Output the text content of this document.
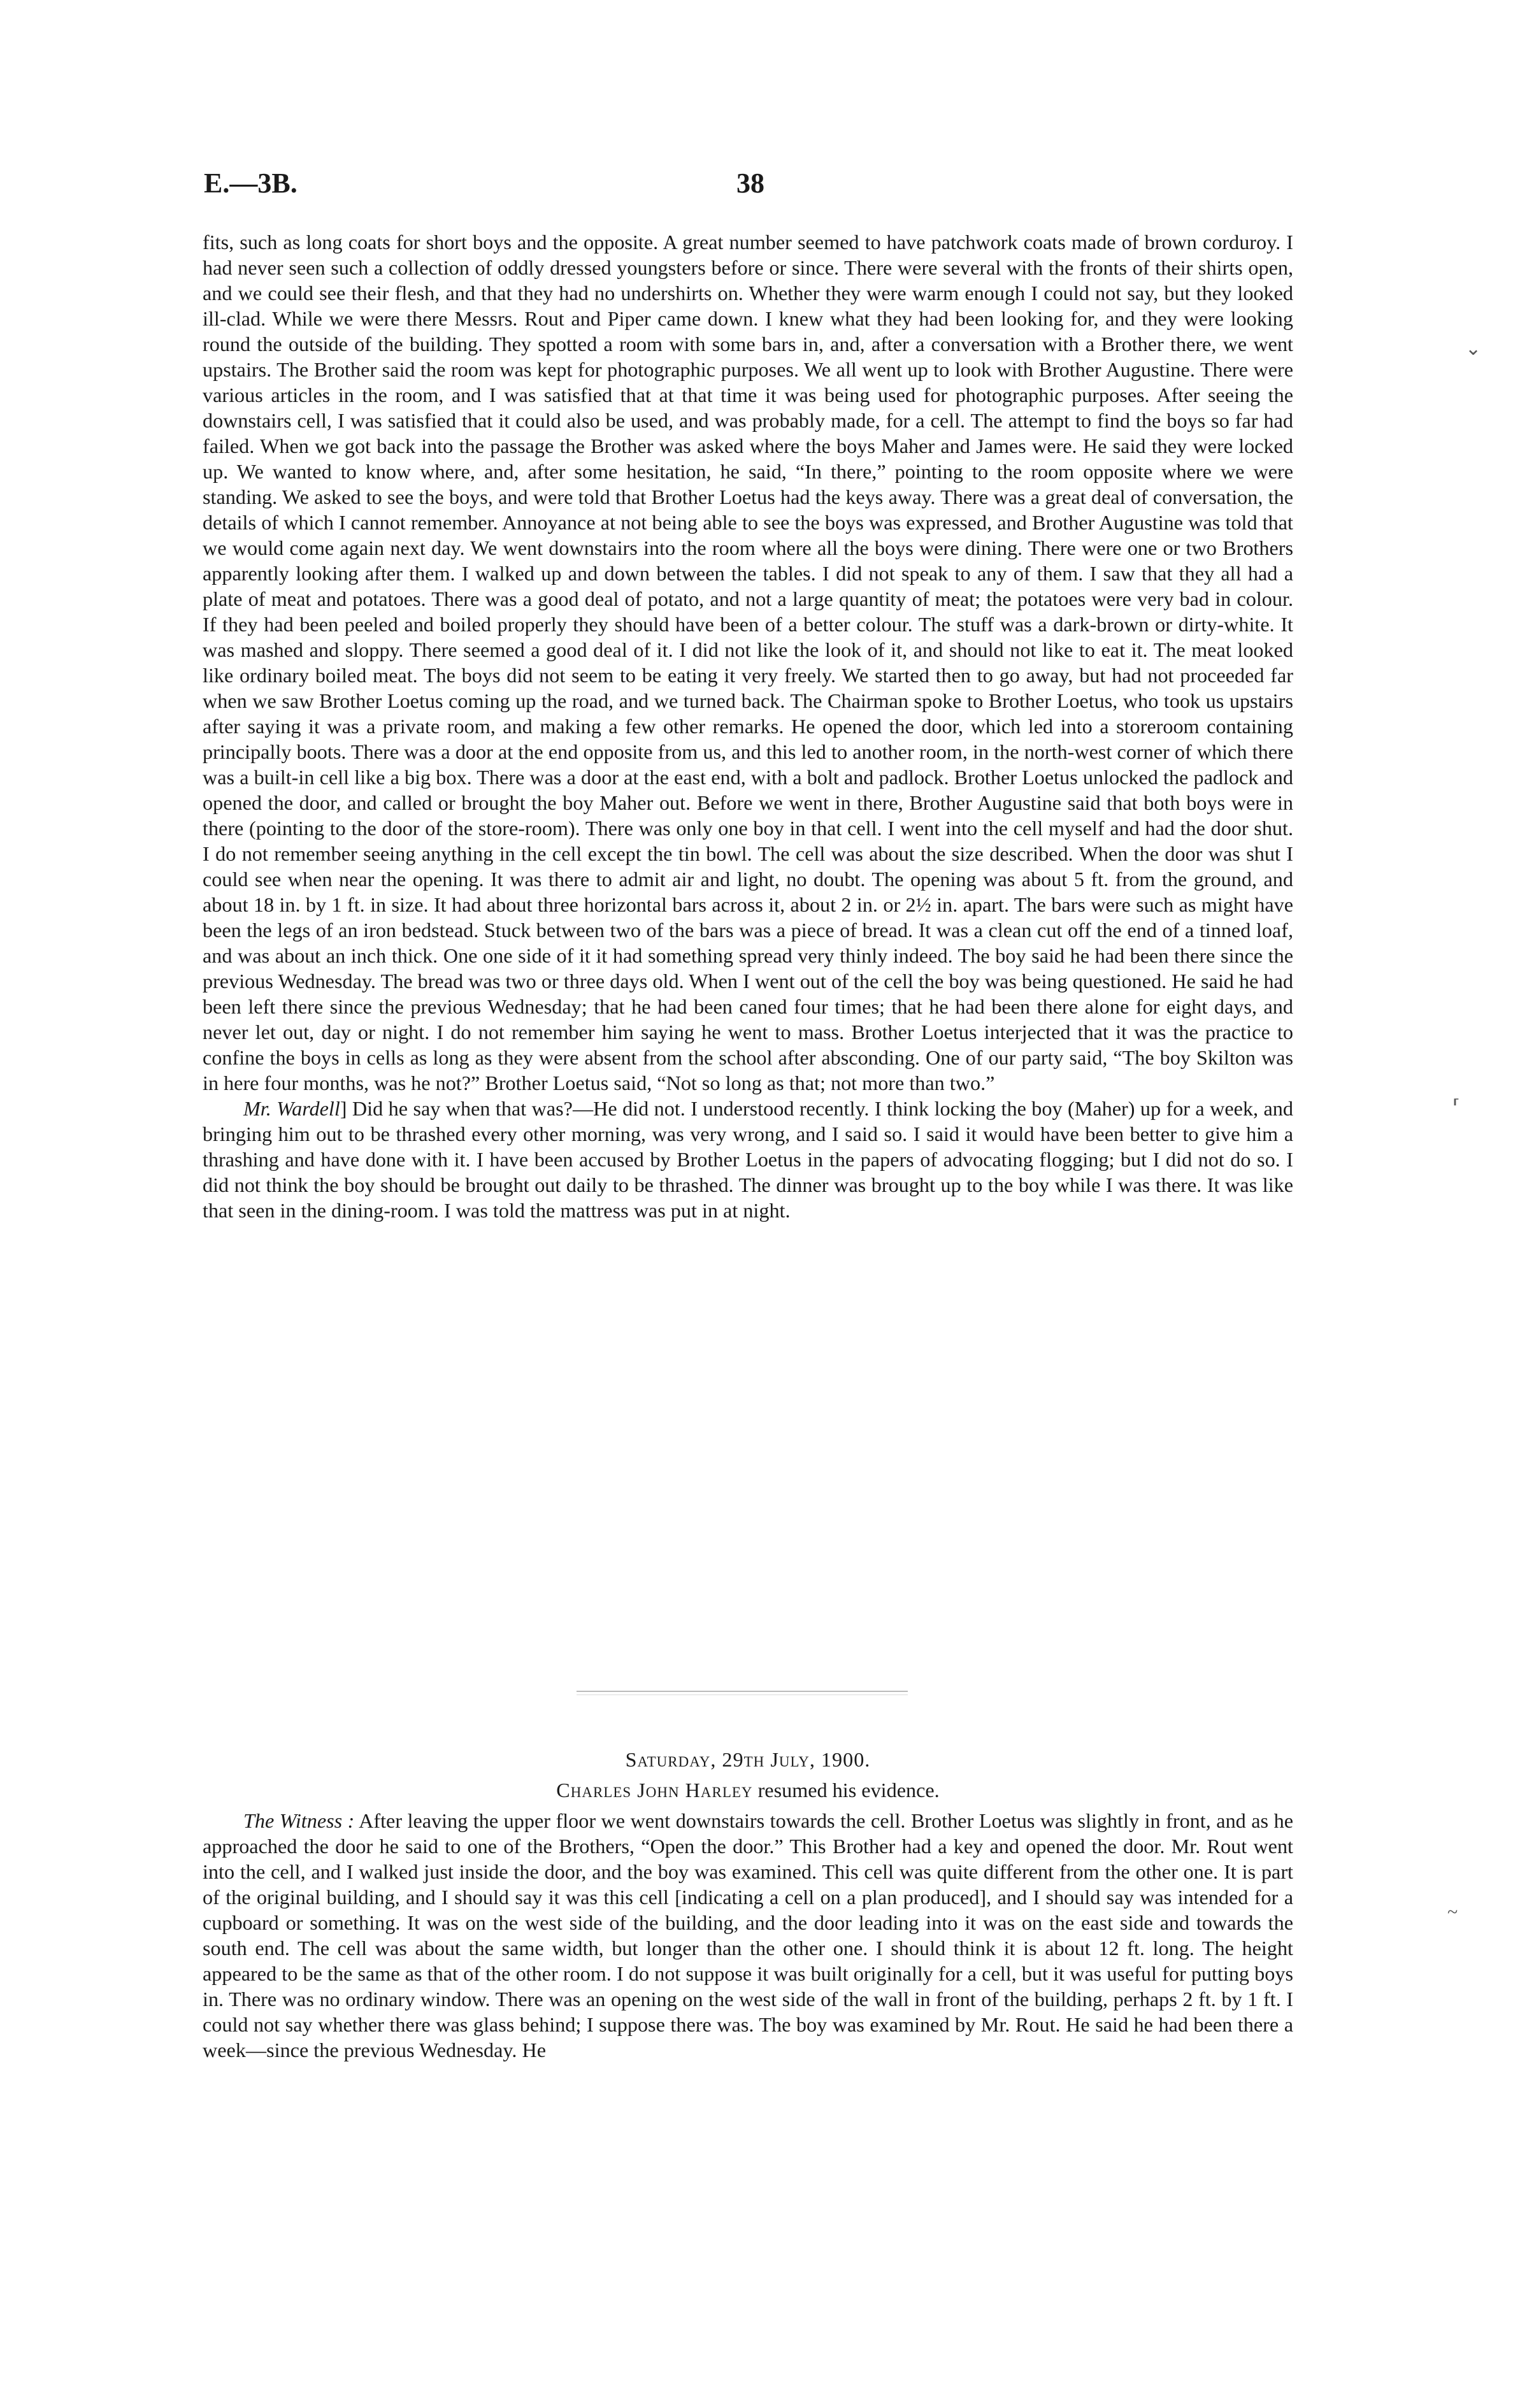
E.—3B.	38

fits, such as long coats for short boys and the opposite. A great number seemed to have patchwork coats made of brown corduroy. I had never seen such a collection of oddly dressed youngsters before or since. There were several with the fronts of their shirts open, and we could see their flesh, and that they had no undershirts on. Whether they were warm enough I could not say, but they looked ill-clad. While we were there Messrs. Rout and Piper came down. I knew what they had been looking for, and they were looking round the outside of the building. They spotted a room with some bars in, and, after a conversation with a Brother there, we went upstairs. The Brother said the room was kept for photographic purposes. We all went up to look with Brother Augustine. There were various articles in the room, and I was satisfied that at that time it was being used for photographic purposes. After seeing the downstairs cell, I was satisfied that it could also be used, and was probably made, for a cell. The attempt to find the boys so far had failed. When we got back into the passage the Brother was asked where the boys Maher and James were. He said they were locked up. We wanted to know where, and, after some hesitation, he said, “In there,” pointing to the room opposite where we were standing. We asked to see the boys, and were told that Brother Loetus had the keys away. There was a great deal of conversation, the details of which I cannot remember. Annoyance at not being able to see the boys was expressed, and Brother Augustine was told that we would come again next day. We went downstairs into the room where all the boys were dining. There were one or two Brothers apparently looking after them. I walked up and down between the tables. I did not speak to any of them. I saw that they all had a plate of meat and potatoes. There was a good deal of potato, and not a large quantity of meat; the potatoes were very bad in colour. If they had been peeled and boiled properly they should have been of a better colour. The stuff was a dark-brown or dirty-white. It was mashed and sloppy. There seemed a good deal of it. I did not like the look of it, and should not like to eat it. The meat looked like ordinary boiled meat. The boys did not seem to be eating it very freely. We started then to go away, but had not proceeded far when we saw Brother Loetus coming up the road, and we turned back. The Chairman spoke to Brother Loetus, who took us upstairs after saying it was a private room, and making a few other remarks. He opened the door, which led into a storeroom containing principally boots. There was a door at the end opposite from us, and this led to another room, in the north-west corner of which there was a built-in cell like a big box. There was a door at the east end, with a bolt and padlock. Brother Loetus unlocked the padlock and opened the door, and called or brought the boy Maher out. Before we went in there, Brother Augustine said that both boys were in there (pointing to the door of the store-room). There was only one boy in that cell. I went into the cell myself and had the door shut. I do not remember seeing anything in the cell except the tin bowl. The cell was about the size described. When the door was shut I could see when near the opening. It was there to admit air and light, no doubt. The opening was about 5 ft. from the ground, and about 18 in. by 1 ft. in size. It had about three horizontal bars across it, about 2 in. or 2½ in. apart. The bars were such as might have been the legs of an iron bedstead. Stuck between two of the bars was a piece of bread. It was a clean cut off the end of a tinned loaf, and was about an inch thick. One one side of it it had something spread very thinly indeed. The boy said he had been there since the previous Wednesday. The bread was two or three days old. When I went out of the cell the boy was being questioned. He said he had been left there since the previous Wednesday; that he had been caned four times; that he had been there alone for eight days, and never let out, day or night. I do not remember him saying he went to mass. Brother Loetus interjected that it was the practice to confine the boys in cells as long as they were absent from the school after absconding. One of our party said, “The boy Skilton was in here four months, was he not?” Brother Loetus said, “Not so long as that; not more than two.”

Mr. Wardell] Did he say when that was?—He did not. I understood recently. I think locking the boy (Maher) up for a week, and bringing him out to be thrashed every other morning, was very wrong, and I said so. I said it would have been better to give him a thrashing and have done with it. I have been accused by Brother Loetus in the papers of advocating flogging; but I did not do so. I did not think the boy should be brought out daily to be thrashed. The dinner was brought up to the boy while I was there. It was like that seen in the dining-room. I was told the mattress was put in at night.

Saturday, 29th July, 1900.
Charles John Harley resumed his evidence.

The Witness : After leaving the upper floor we went downstairs towards the cell. Brother Loetus was slightly in front, and as he approached the door he said to one of the Brothers, “Open the door.” This Brother had a key and opened the door. Mr. Rout went into the cell, and I walked just inside the door, and the boy was examined. This cell was quite different from the other one. It is part of the original building, and I should say it was this cell [indicating a cell on a plan produced], and I should say was intended for a cupboard or something. It was on the west side of the building, and the door leading into it was on the east side and towards the south end. The cell was about the same width, but longer than the other one. I should think it is about 12 ft. long. The height appeared to be the same as that of the other room. I do not suppose it was built originally for a cell, but it was useful for putting boys in. There was no ordinary window. There was an opening on the west side of the wall in front of the building, perhaps 2 ft. by 1 ft. I could not say whether there was glass behind; I suppose there was. The boy was examined by Mr. Rout. He said he had been there a week—since the previous Wednesday. He

⌄
⸢
~
